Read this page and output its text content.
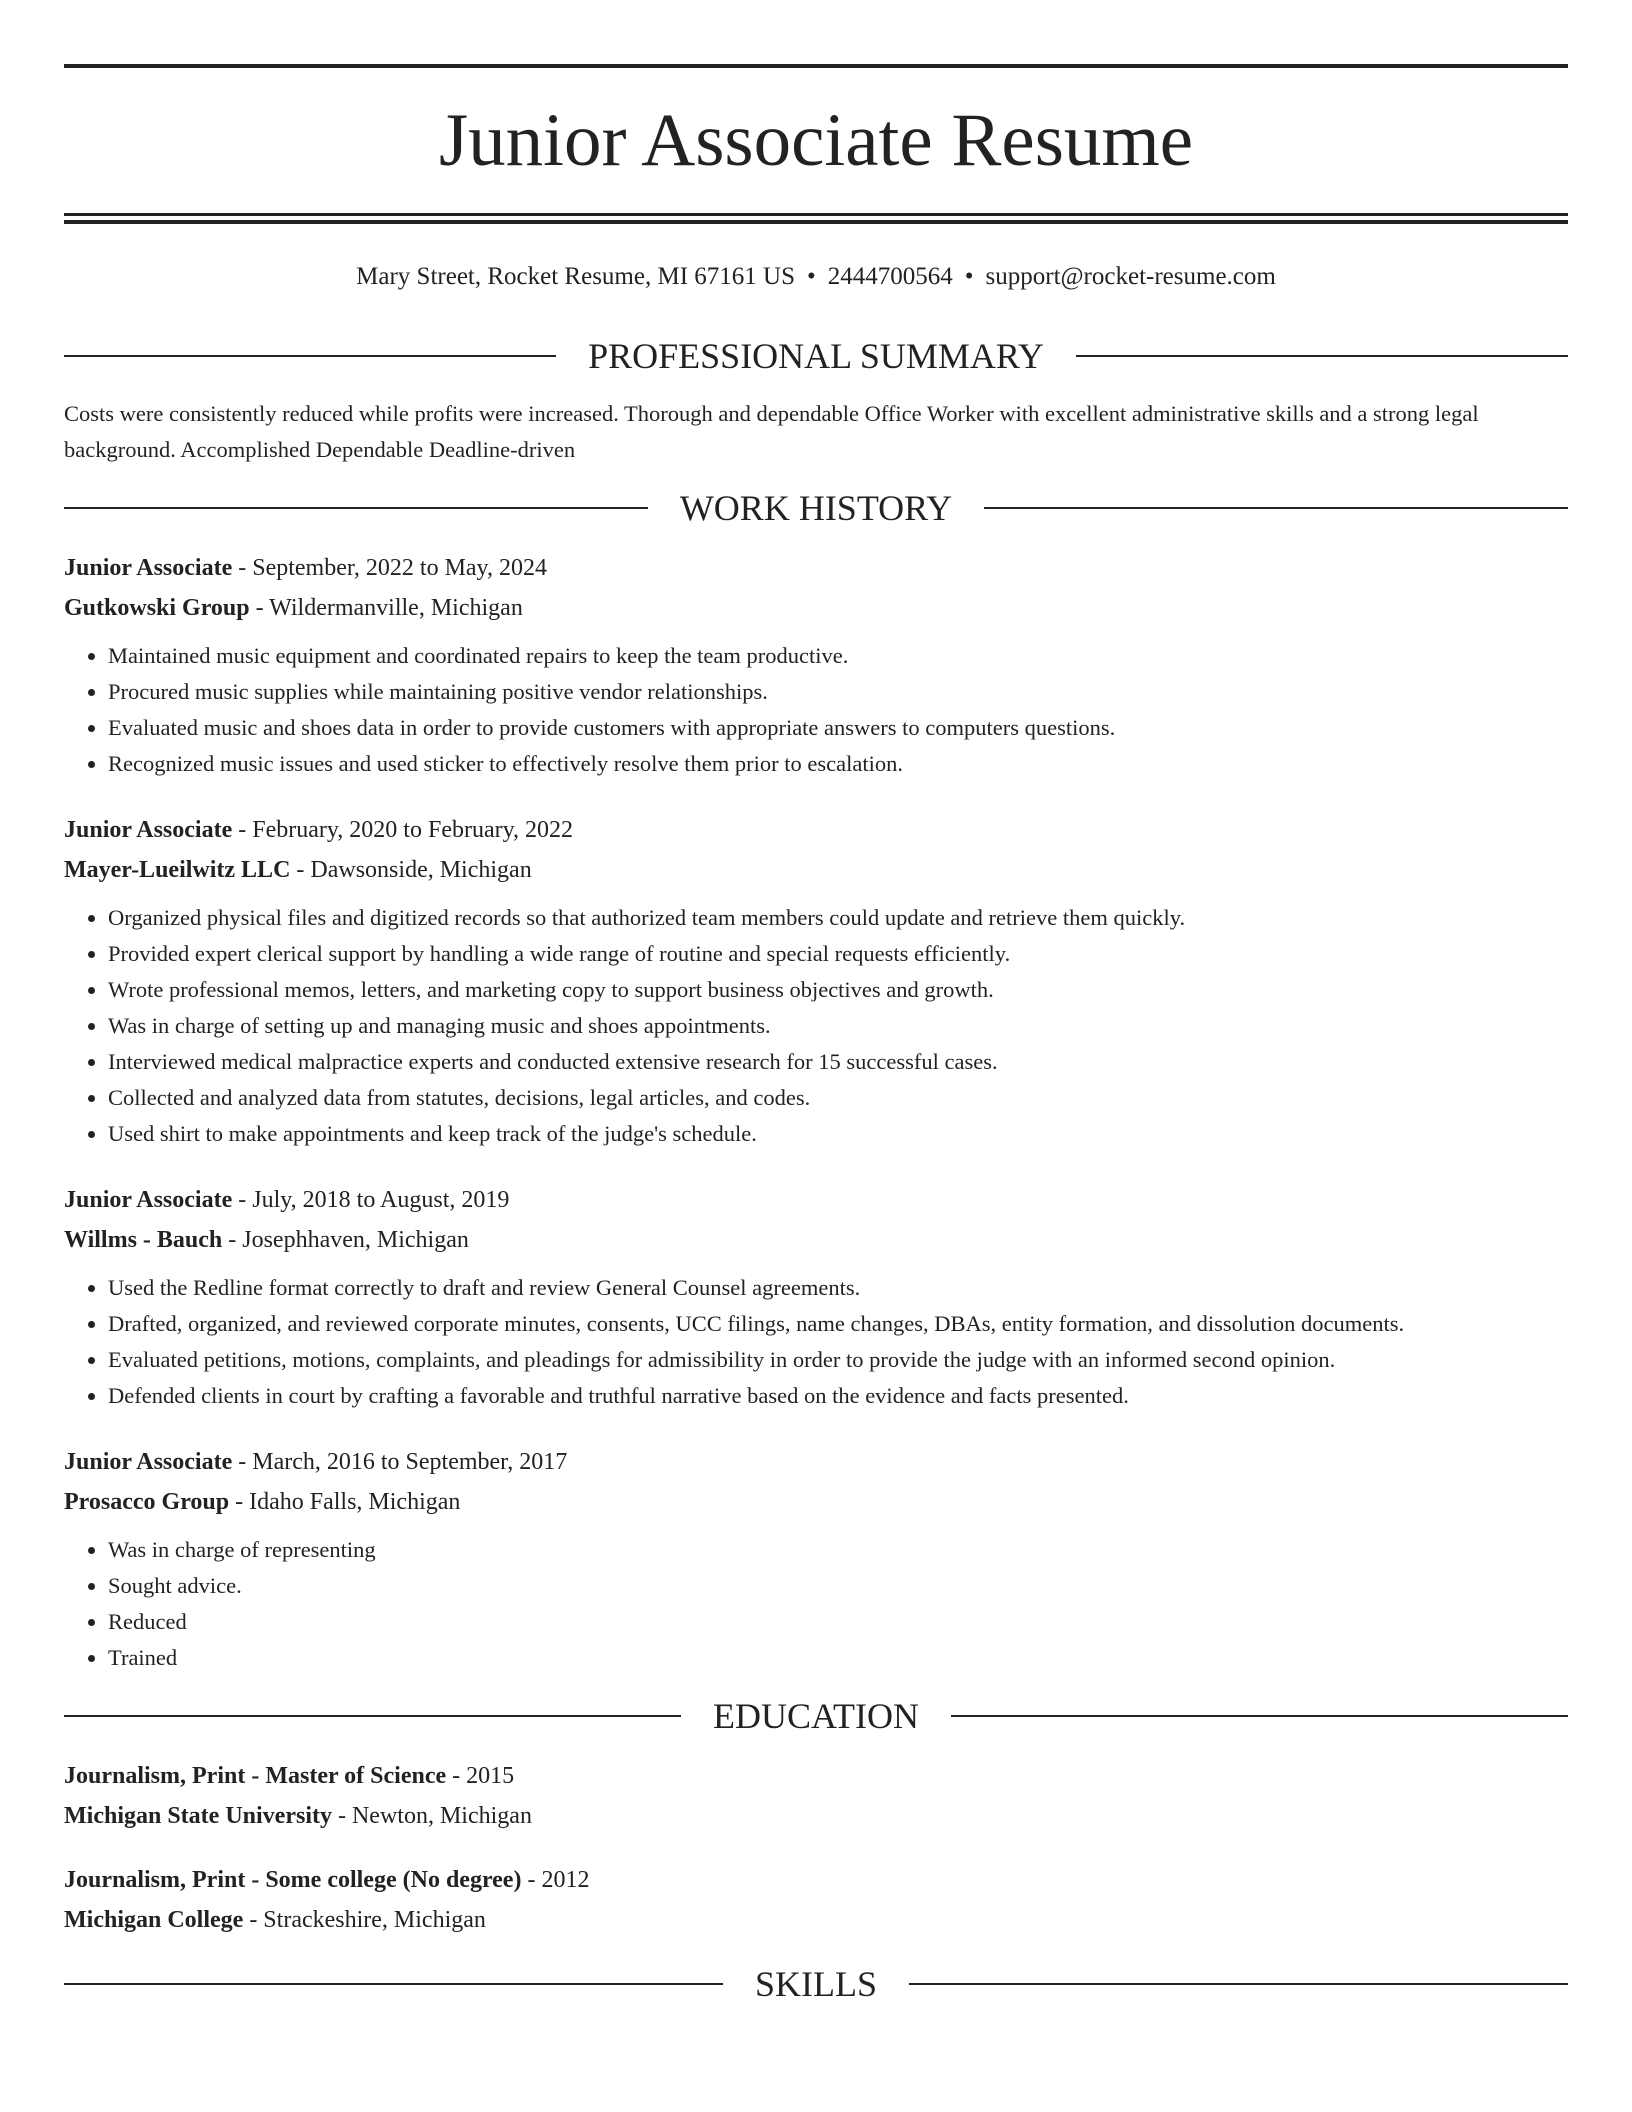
Junior Associate Resume
Mary Street, Rocket Resume, MI 67161 US • 2444700564 • support@rocket-resume.com
PROFESSIONAL SUMMARY
Costs were consistently reduced while profits were increased. Thorough and dependable Office Worker with excellent administrative skills and a strong legal background. Accomplished Dependable Deadline-driven
WORK HISTORY
Junior Associate - September, 2022 to May, 2024
Gutkowski Group - Wildermanville, Michigan
• Maintained music equipment and coordinated repairs to keep the team productive.
• Procured music supplies while maintaining positive vendor relationships.
• Evaluated music and shoes data in order to provide customers with appropriate answers to computers questions.
• Recognized music issues and used sticker to effectively resolve them prior to escalation.
Junior Associate - February, 2020 to February, 2022
Mayer-Lueilwitz LLC - Dawsonside, Michigan
• Organized physical files and digitized records so that authorized team members could update and retrieve them quickly.
• Provided expert clerical support by handling a wide range of routine and special requests efficiently.
• Wrote professional memos, letters, and marketing copy to support business objectives and growth.
• Was in charge of setting up and managing music and shoes appointments.
• Interviewed medical malpractice experts and conducted extensive research for 15 successful cases.
• Collected and analyzed data from statutes, decisions, legal articles, and codes.
• Used shirt to make appointments and keep track of the judge's schedule.
Junior Associate - July, 2018 to August, 2019
Willms - Bauch - Josephhaven, Michigan
• Used the Redline format correctly to draft and review General Counsel agreements.
• Drafted, organized, and reviewed corporate minutes, consents, UCC filings, name changes, DBAs, entity formation, and dissolution documents.
• Evaluated petitions, motions, complaints, and pleadings for admissibility in order to provide the judge with an informed second opinion.
• Defended clients in court by crafting a favorable and truthful narrative based on the evidence and facts presented.
Junior Associate - March, 2016 to September, 2017
Prosacco Group - Idaho Falls, Michigan
• Was in charge of representing
• Sought advice.
• Reduced
• Trained
EDUCATION
Journalism, Print - Master of Science - 2015
Michigan State University - Newton, Michigan
Journalism, Print - Some college (No degree) - 2012
Michigan College - Strackeshire, Michigan
SKILLS
